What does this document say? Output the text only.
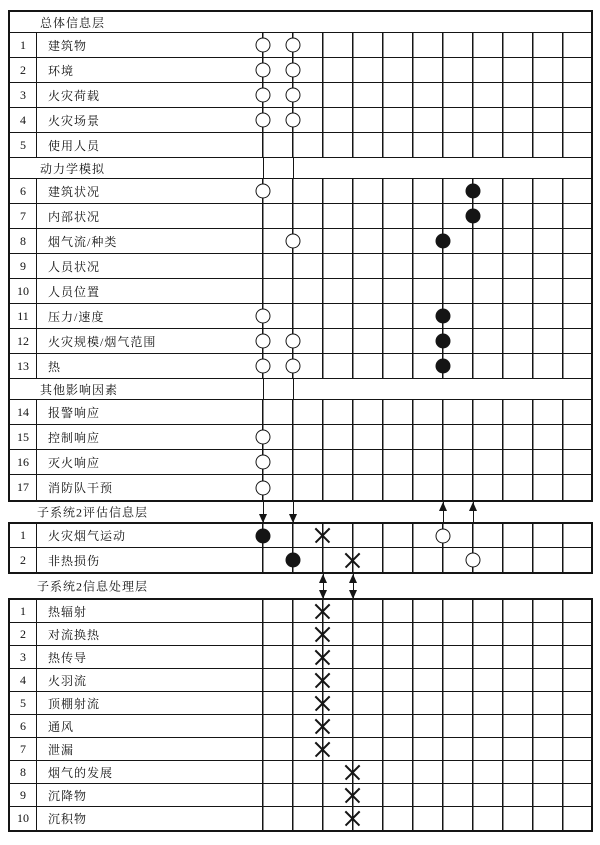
总体信息层
1	建筑物
2	环境
3	火灾荷载
4	火灾场景
5	使用人员
动力学模拟
6	建筑状况
7	内部状况
8	烟气流/种类
9	人员状况
10	人员位置
11	压力/速度
12	火灾规模/烟气范围
13	热
其他影响因素
14	报警响应
15	控制响应
16	灭火响应
17	消防队干预
子系统2评估信息层
1	火灾烟气运动
2	非热损伤
子系统2信息处理层
1	热辐射
2	对流换热
3	热传导
4	火羽流
5	顶棚射流
6	通风
7	泄漏
8	烟气的发展
9	沉降物
10	沉积物
